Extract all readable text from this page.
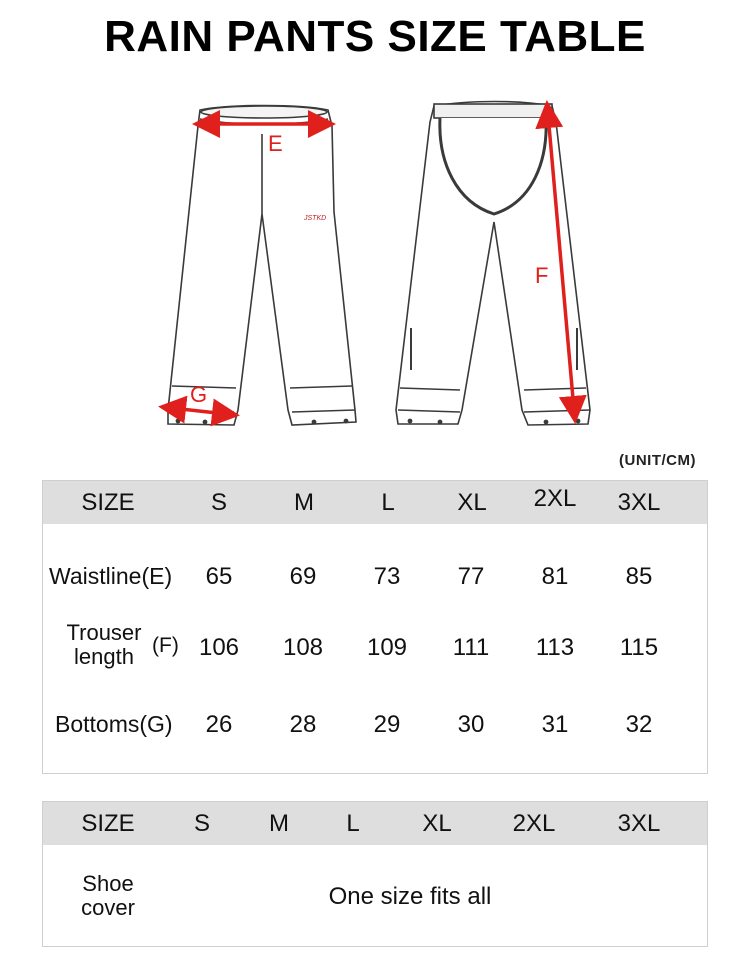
RAIN PANTS SIZE TABLE
JSTKD
E
G
F
(UNIT/CM)
SIZE	S	M	L	XL 2XL 3XL
Waistline(E) 65 69 73 77 81 85
Trouser
length (F) 106 108 109 111 113 115
Bottoms(G) 26 28 29 30 31 32
SIZE S M L	XL	2XL	3XL
Shoe
cover	One size fits all
